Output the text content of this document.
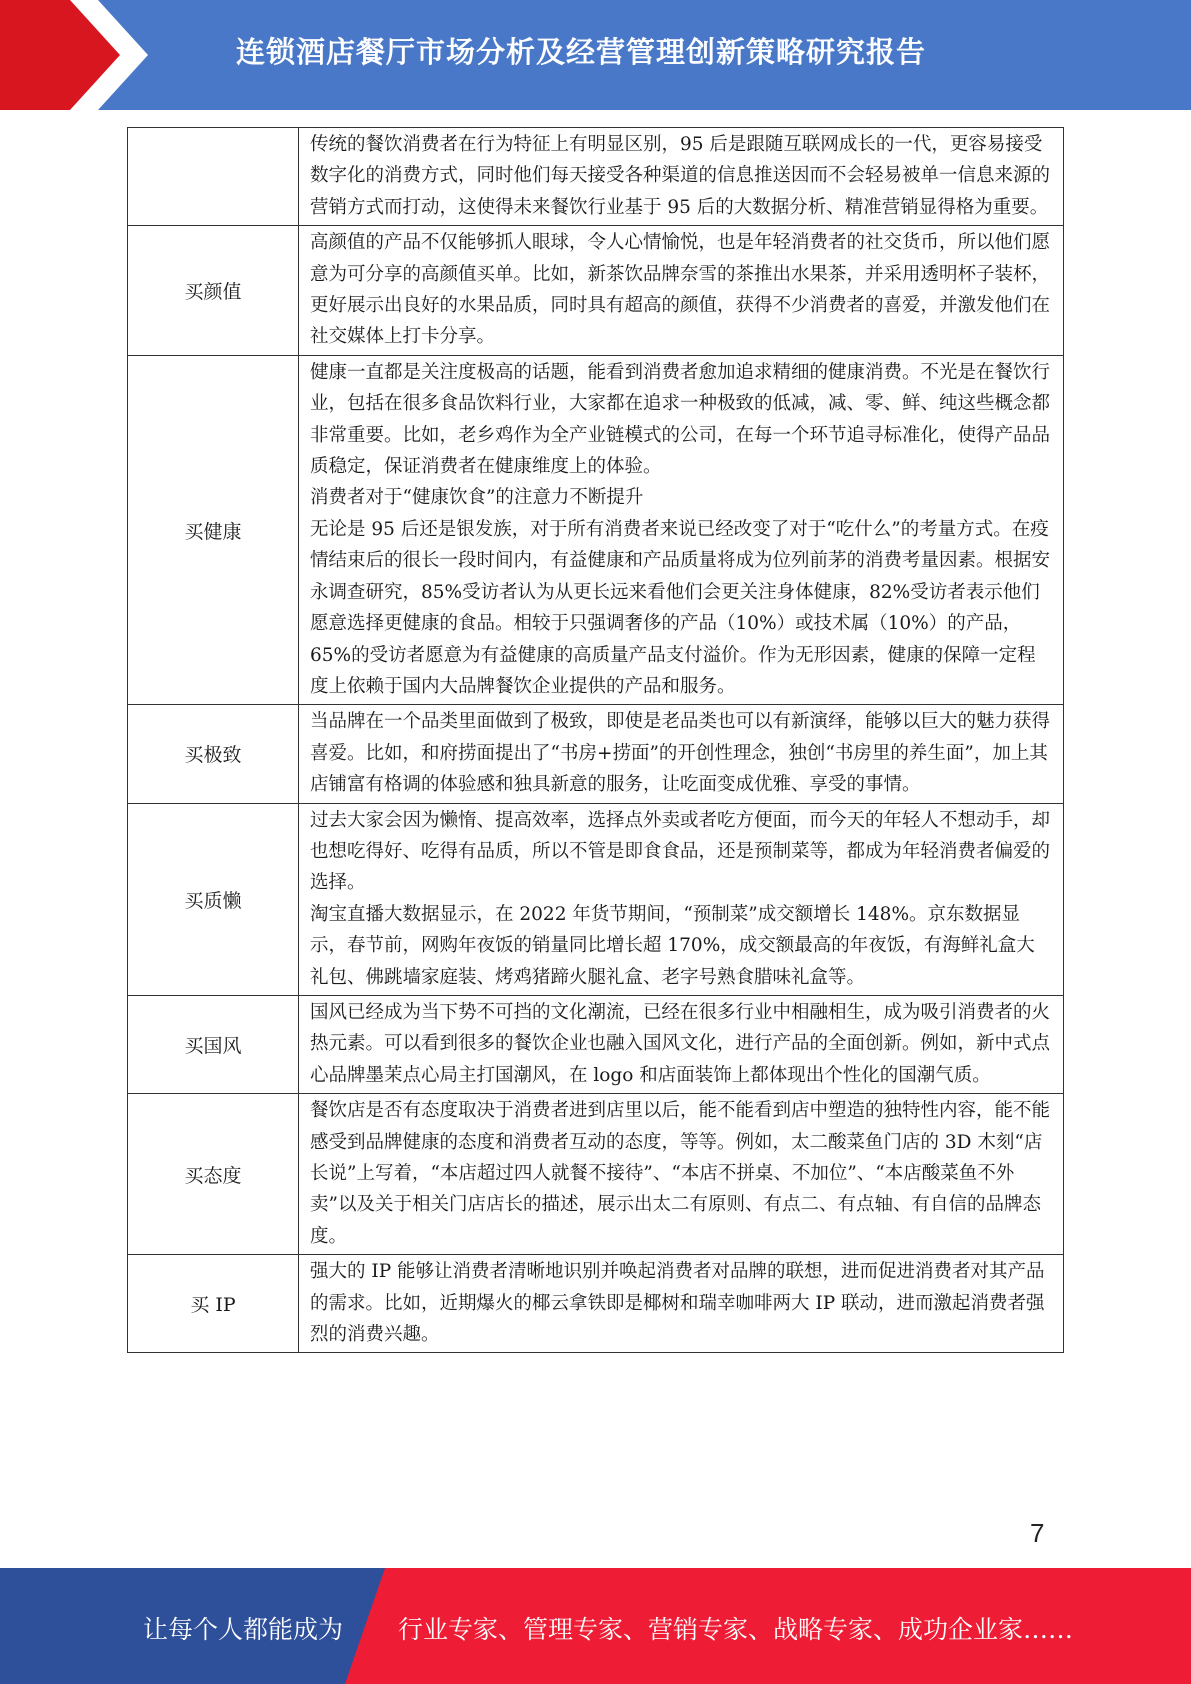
连锁酒店餐厅市场分析及经营管理创新策略研究报告

	传统的餐饮消费者在行为特征上有明显区别，95 后是跟随互联网成长的一代，更容易接受数字化的消费方式，同时他们每天接受各种渠道的信息推送因而不会轻易被单一信息来源的营销方式而打动，这使得未来餐饮行业基于 95 后的大数据分析、精准营销显得格为重要。

买颜值	高颜值的产品不仅能够抓人眼球，令人心情愉悦，也是年轻消费者的社交货币，所以他们愿意为可分享的高颜值买单。比如，新茶饮品牌奈雪的茶推出水果茶，并采用透明杯子装杯，更好展示出良好的水果品质，同时具有超高的颜值，获得不少消费者的喜爱，并激发他们在社交媒体上打卡分享。

买健康	健康一直都是关注度极高的话题，能看到消费者愈加追求精细的健康消费。不光是在餐饮行业，包括在很多食品饮料行业，大家都在追求一种极致的低减，减、零、鲜、纯这些概念都非常重要。比如，老乡鸡作为全产业链模式的公司，在每一个环节追寻标准化，使得产品品质稳定，保证消费者在健康维度上的体验。

消费者对于“健康饮食”的注意力不断提升

无论是 95 后还是银发族，对于所有消费者来说已经改变了对于“吃什么”的考量方式。在疫情结束后的很长一段时间内，有益健康和产品质量将成为位列前茅的消费考量因素。根据安永调查研究，85%受访者认为从更长远来看他们会更关注身体健康，82%受访者表示他们愿意选择更健康的食品。相较于只强调奢侈的产品（10%）或技术属（10%）的产品，65%的受访者愿意为有益健康的高质量产品支付溢价。作为无形因素，健康的保障一定程度上依赖于国内大品牌餐饮企业提供的产品和服务。

买极致	当品牌在一个品类里面做到了极致，即使是老品类也可以有新演绎，能够以巨大的魅力获得喜爱。比如，和府捞面提出了“书房+捞面”的开创性理念，独创“书房里的养生面”，加上其店铺富有格调的体验感和独具新意的服务，让吃面变成优雅、享受的事情。

买质懒	过去大家会因为懒惰、提高效率，选择点外卖或者吃方便面，而今天的年轻人不想动手，却也想吃得好、吃得有品质，所以不管是即食食品，还是预制菜等，都成为年轻消费者偏爱的选择。

淘宝直播大数据显示，在 2022 年货节期间，“预制菜”成交额增长 148%。京东数据显示，春节前，网购年夜饭的销量同比增长超 170%，成交额最高的年夜饭，有海鲜礼盒大礼包、佛跳墙家庭装、烤鸡猪蹄火腿礼盒、老字号熟食腊味礼盒等。

买国风	国风已经成为当下势不可挡的文化潮流，已经在很多行业中相融相生，成为吸引消费者的火热元素。可以看到很多的餐饮企业也融入国风文化，进行产品的全面创新。例如，新中式点心品牌墨茉点心局主打国潮风，在 logo 和店面装饰上都体现出个性化的国潮气质。

买态度	餐饮店是否有态度取决于消费者进到店里以后，能不能看到店中塑造的独特性内容，能不能感受到品牌健康的态度和消费者互动的态度，等等。例如，太二酸菜鱼门店的 3D 木刻“店长说”上写着，“本店超过四人就餐不接待”、“本店不拼桌、不加位”、“本店酸菜鱼不外卖”以及关于相关门店店长的描述，展示出太二有原则、有点二、有点轴、有自信的品牌态度。

买 IP	强大的 IP 能够让消费者清晰地识别并唤起消费者对品牌的联想，进而促进消费者对其产品的需求。比如，近期爆火的椰云拿铁即是椰树和瑞幸咖啡两大 IP 联动，进而激起消费者强烈的消费兴趣。

7
让每个人都能成为 行业专家、管理专家、营销专家、战略专家、成功企业家……
